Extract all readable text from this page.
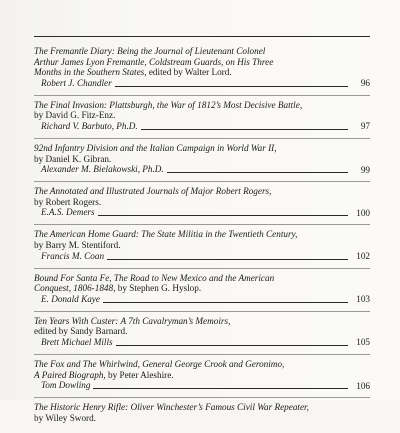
The Fremantle Diary: Being the Journal of Lieutenant Colonel
Arthur James Lyon Fremantle, Coldstream Guards, on His Three
Months in the Southern States, edited by Walter Lord.
Robert J. Chandler	96
The Final Invasion: Plattsburgh, the War of 1812’s Most Decisive Battle,
by David G. Fitz-Enz.
Richard V. Barbuto, Ph.D.	97
92nd Infantry Division and the Italian Campaign in World War II,
by Daniel K. Gibran.
Alexander M. Bielakowski, Ph.D.	99
The Annotated and Illustrated Journals of Major Robert Rogers,
by Robert Rogers.
E.A.S. Demers	100
The American Home Guard: The State Militia in the Twentieth Century,
by Barry M. Stentiford.
Francis M. Coan	102
Bound For Santa Fe, The Road to New Mexico and the American
Conquest, 1806-1848, by Stephen G. Hyslop.
E. Donald Kaye	103
Ten Years With Custer: A 7th Cavalryman’s Memoirs,
edited by Sandy Barnard.
Brett Michael Mills	105
The Fox and The Whirlwind, General George Crook and Geronimo,
A Paired Biograph, by Peter Aleshire.
Tom Dowling	106
The Historic Henry Rifle: Oliver Winchester’s Famous Civil War Repeater,
by Wiley Sword.
